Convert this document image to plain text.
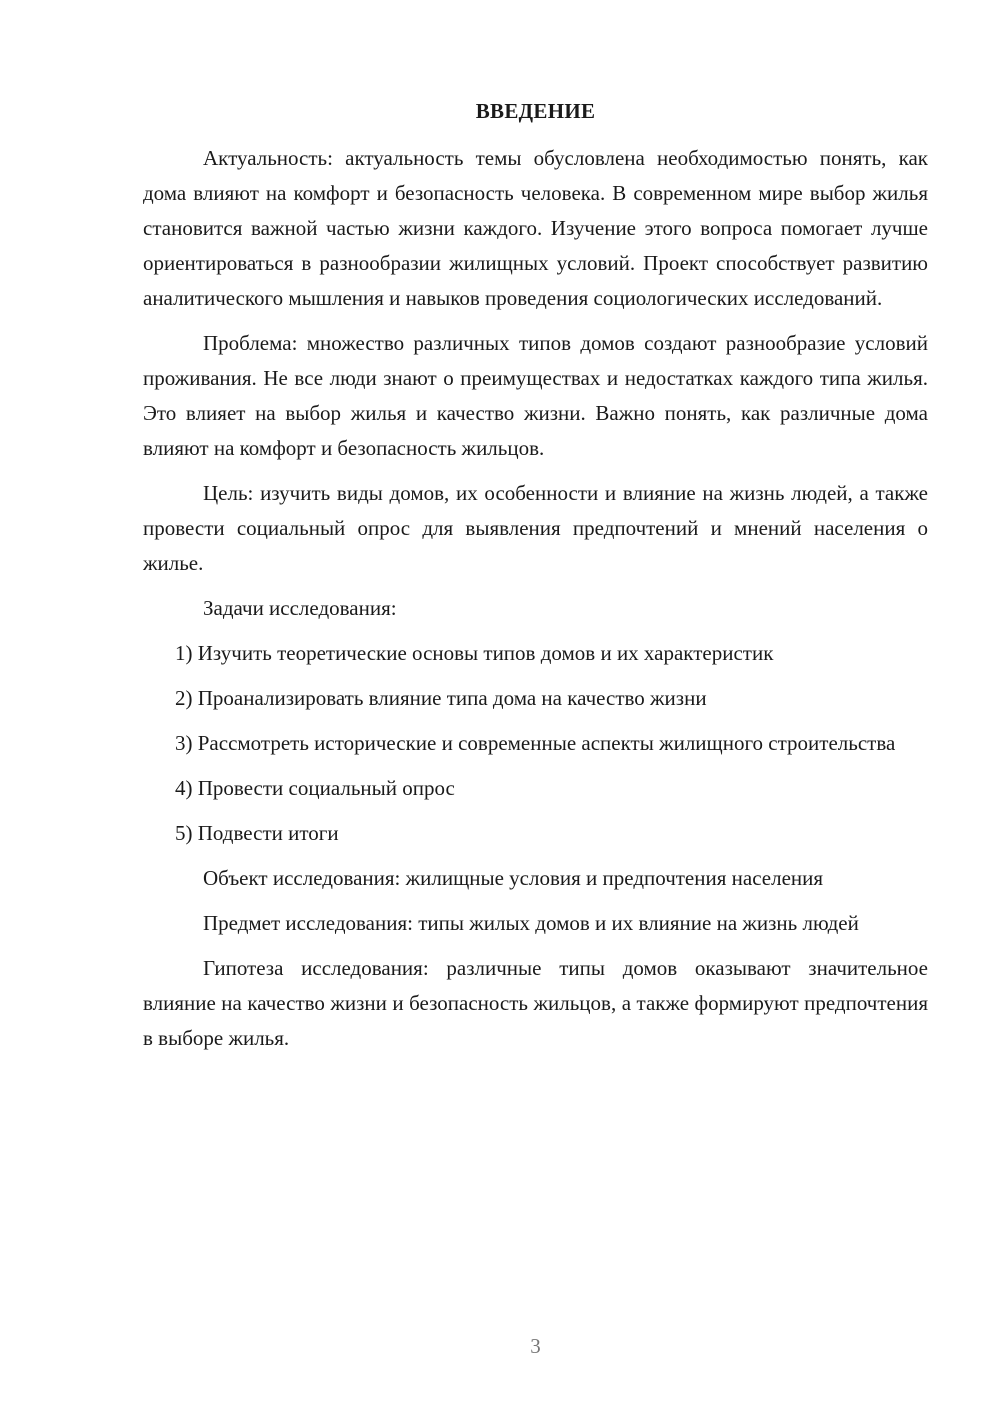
ВВЕДЕНИЕ

Актуальность: актуальность темы обусловлена необходимостью понять, как дома влияют на комфорт и безопасность человека. В современном мире выбор жилья становится важной частью жизни каждого. Изучение этого вопроса помогает лучше ориентироваться в разнообразии жилищных условий. Проект способствует развитию аналитического мышления и навыков проведения социологических исследований.

Проблема: множество различных типов домов создают разнообразие условий проживания. Не все люди знают о преимуществах и недостатках каждого типа жилья. Это влияет на выбор жилья и качество жизни. Важно понять, как различные дома влияют на комфорт и безопасность жильцов.

Цель: изучить виды домов, их особенности и влияние на жизнь людей, а также провести социальный опрос для выявления предпочтений и мнений населения о жилье.

Задачи исследования:

1) Изучить теоретические основы типов домов и их характеристик

2) Проанализировать влияние типа дома на качество жизни

3) Рассмотреть исторические и современные аспекты жилищного строительства

4) Провести социальный опрос

5) Подвести итоги

Объект исследования: жилищные условия и предпочтения населения

Предмет исследования: типы жилых домов и их влияние на жизнь людей

Гипотеза исследования: различные типы домов оказывают значительное влияние на качество жизни и безопасность жильцов, а также формируют предпочтения в выборе жилья.

3
